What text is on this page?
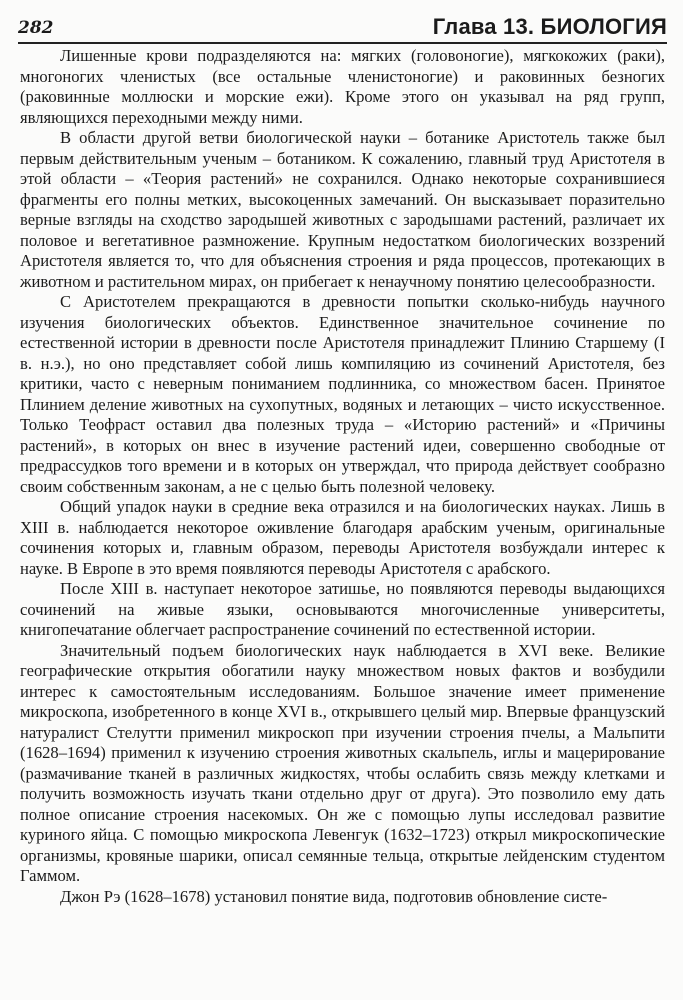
282	Глава 13. БИОЛОГИЯ

Лишенные крови подразделяются на: мягких (головоногие), мягкокожих (раки), многоногих членистых (все остальные членистоногие) и раковинных безногих (раковинные моллюски и морские ежи). Кроме этого он указывал на ряд групп, являющихся переходными между ними.

В области другой ветви биологической науки – ботанике Аристотель также был первым действительным ученым – ботаником. К сожалению, главный труд Аристотеля в этой области – «Теория растений» не сохранился. Однако некоторые сохранившиеся фрагменты его полны метких, высокоценных замечаний. Он высказывает поразительно верные взгляды на сходство зародышей животных с зародышами растений, различает их половое и вегетативное размножение. Крупным недостатком биологических воззрений Аристотеля является то, что для объяснения строения и ряда процессов, протекающих в животном и растительном мирах, он прибегает к ненаучному понятию целесообразности.

С Аристотелем прекращаются в древности попытки сколько-нибудь научного изучения биологических объектов. Единственное значительное сочинение по естественной истории в древности после Аристотеля принадлежит Плинию Старшему (I в. н.э.), но оно представляет собой лишь компиляцию из сочинений Аристотеля, без критики, часто с неверным пониманием подлинника, со множеством басен. Принятое Плинием деление животных на сухопутных, водяных и летающих – чисто искусственное. Только Теофраст оставил два полезных труда – «Историю растений» и «Причины растений», в которых он внес в изучение растений идеи, совершенно свободные от предрассудков того времени и в которых он утверждал, что природа действует сообразно своим собственным законам, а не с целью быть полезной человеку.

Общий упадок науки в средние века отразился и на биологических науках. Лишь в XIII в. наблюдается некоторое оживление благодаря арабским ученым, оригинальные сочинения которых и, главным образом, переводы Аристотеля возбуждали интерес к науке. В Европе в это время появляются переводы Аристотеля с арабского.

После XIII в. наступает некоторое затишье, но появляются переводы выдающихся сочинений на живые языки, основываются многочисленные университеты, книгопечатание облегчает распространение сочинений по естественной истории.

Значительный подъем биологических наук наблюдается в XVI веке. Великие географические открытия обогатили науку множеством новых фактов и возбудили интерес к самостоятельным исследованиям. Большое значение имеет применение микроскопа, изобретенного в конце XVI в., открывшего целый мир. Впервые французский натуралист Стелутти применил микроскоп при изучении строения пчелы, а Мальпити (1628–1694) применил к изучению строения животных скальпель, иглы и мацерирование (размачивание тканей в различных жидкостях, чтобы ослабить связь между клетками и получить возможность изучать ткани отдельно друг от друга). Это позволило ему дать полное описание строения насекомых. Он же с помощью лупы исследовал развитие куриного яйца. С помощью микроскопа Левенгук (1632–1723) открыл микроскопические организмы, кровяные шарики, описал семянные тельца, открытые лейденским студентом Гаммом.

Джон Рэ (1628–1678) установил понятие вида, подготовив обновление систе-
